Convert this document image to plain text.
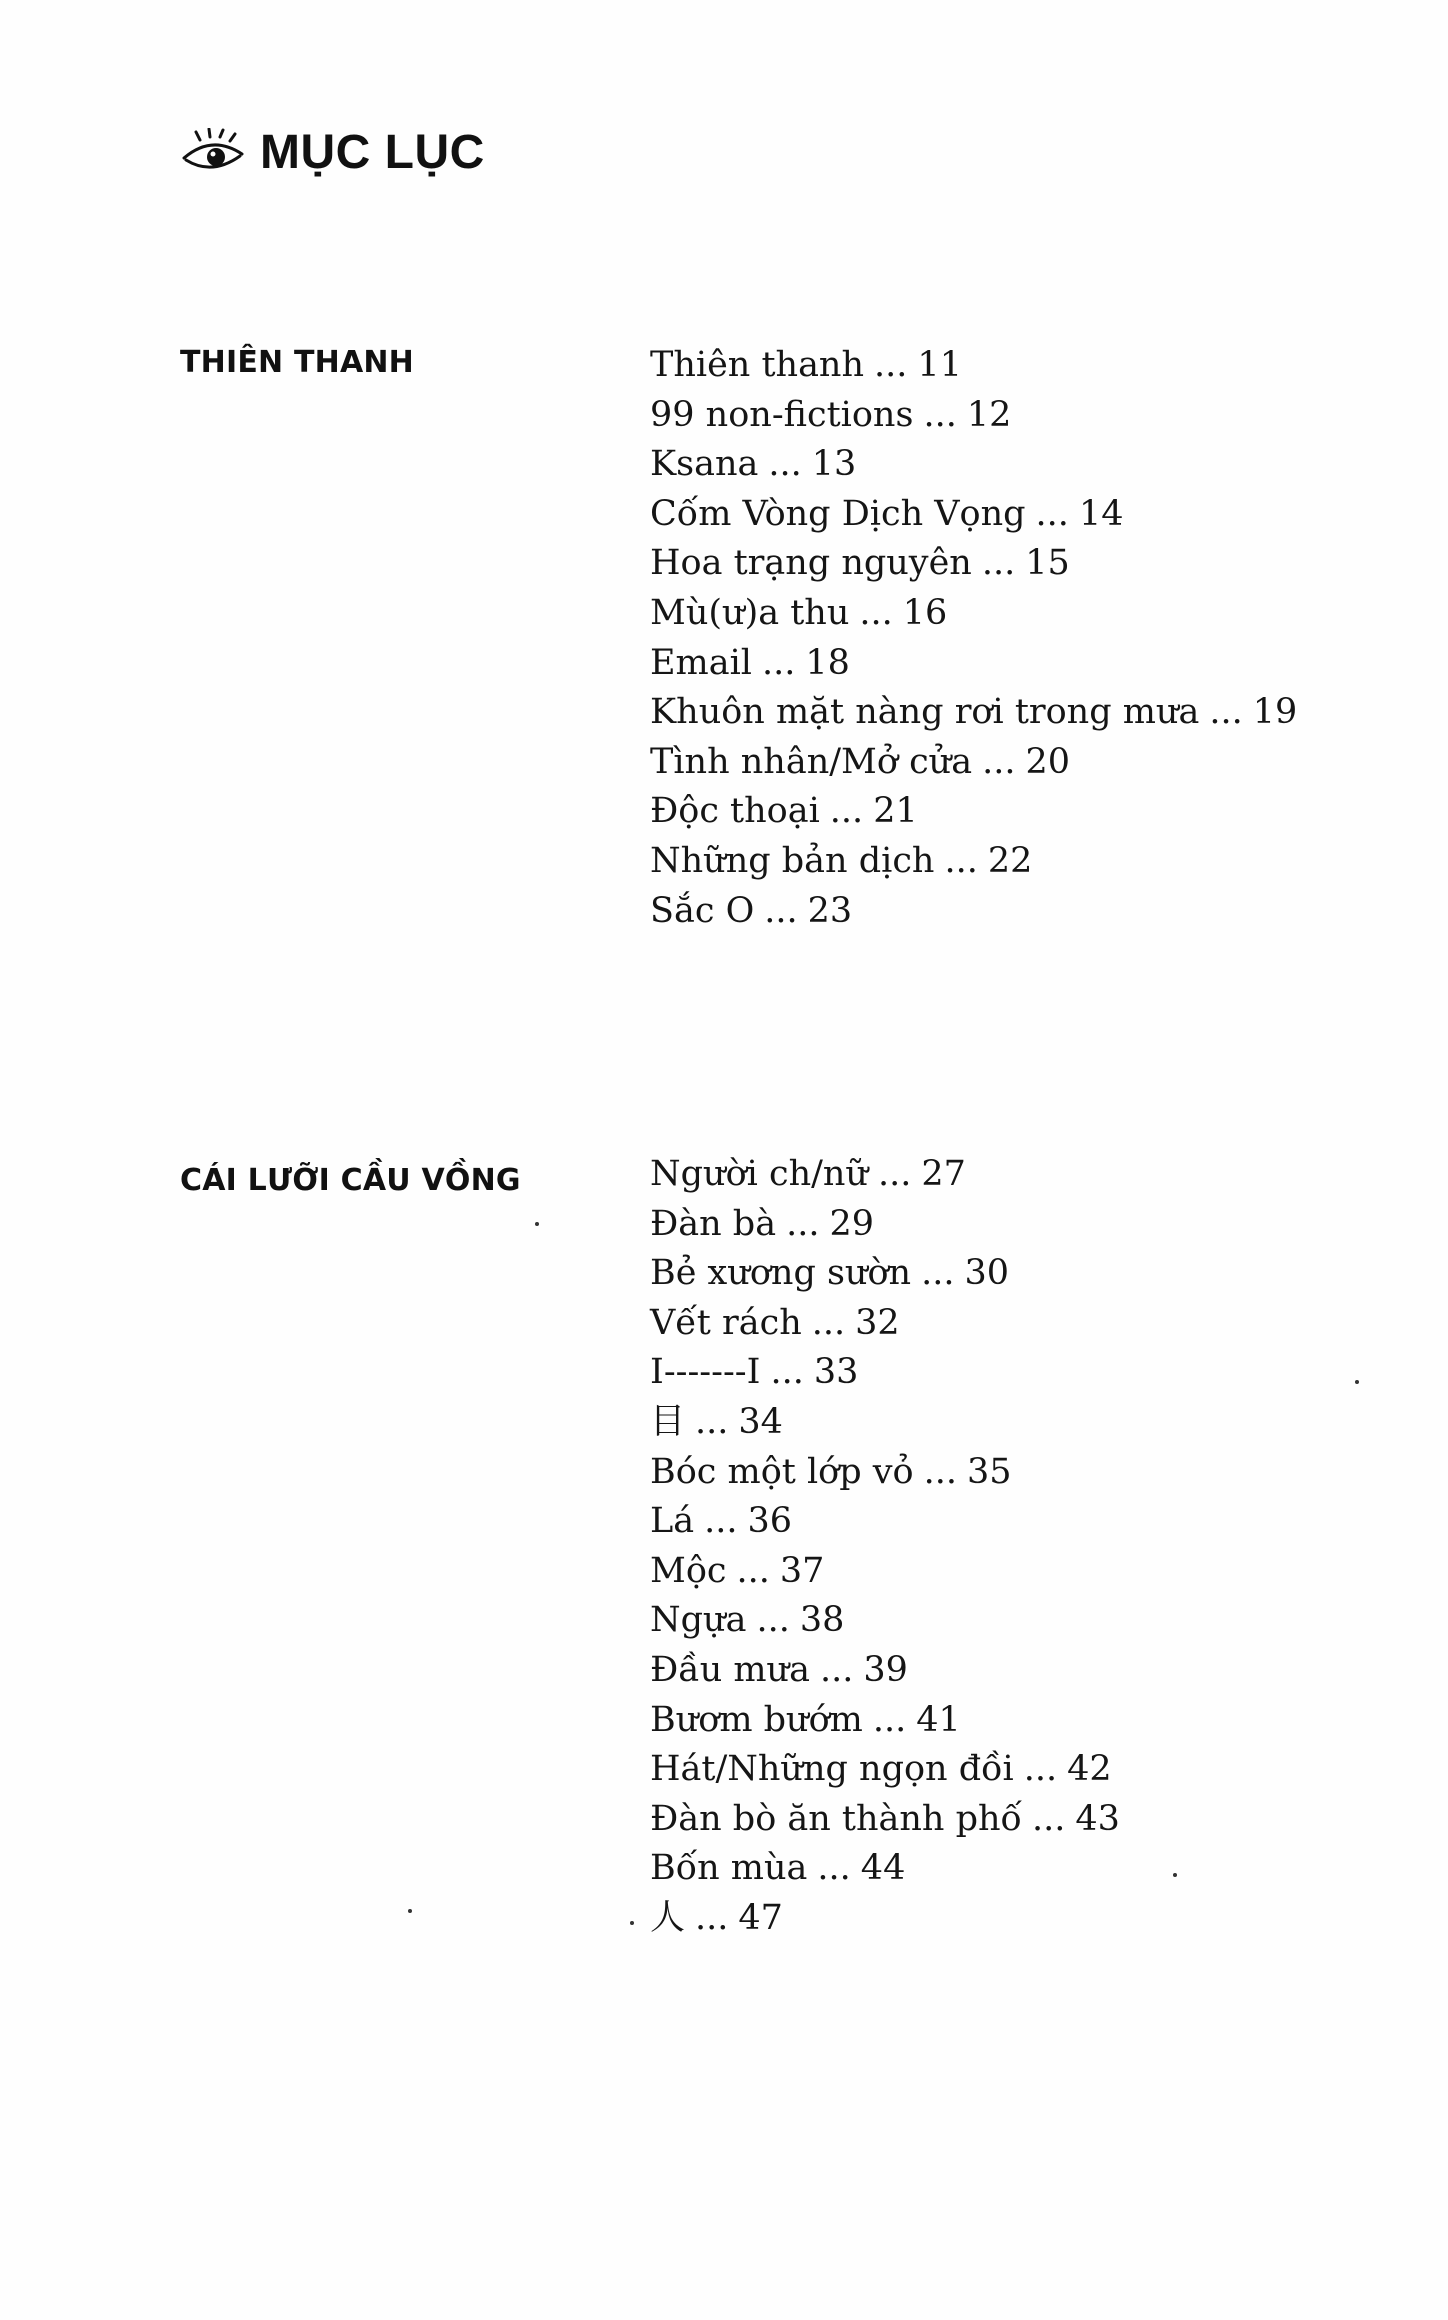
MỤC LỤC
THIÊN THANH	Thiên thanh ... 11
99 non-fictions ... 12
Ksana ... 13
Cốm Vòng Dịch Vọng ... 14
Hoa trạng nguyên ... 15
Mù(ư)a thu ... 16
Email ... 18
Khuôn mặt nàng rơi trong mưa ... 19
Tình nhân/Mở cửa ... 20
Độc thoại ... 21
Những bản dịch ... 22
Sắc O ... 23
CÁI LƯỠI CẦU VỒNG	Người ch/nữ ... 27
Đàn bà ... 29
Bẻ xương sườn ... 30
Vết rách ... 32
I-------I ... 33
目 ... 34
Bóc một lớp vỏ ... 35
Lá ... 36
Mộc ... 37
Ngựa ... 38
Đầu mưa ... 39
Bươm bướm ... 41
Hát/Những ngọn đồi ... 42
Đàn bò ăn thành phố ... 43
Bốn mùa ... 44
人 ... 47
